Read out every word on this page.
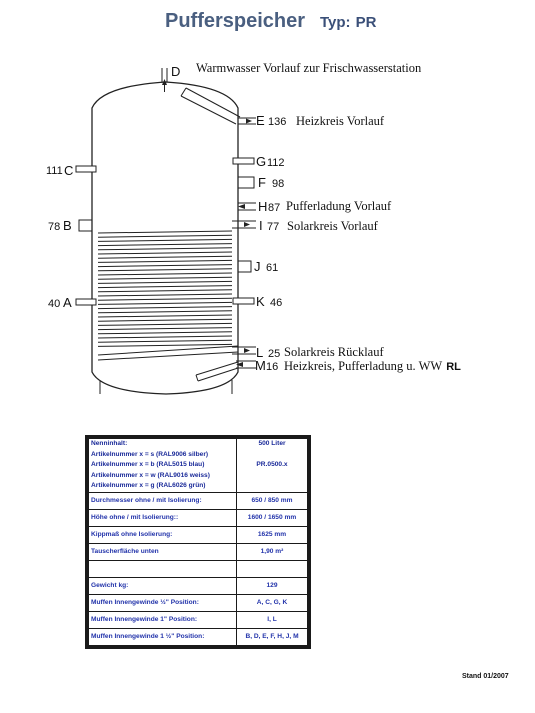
Pufferspeicher Typ: PR
D Warmwasser Vorlauf zur Frischwasserstation
E 136 Heizkreis Vorlauf
G 112
F 98
H 87 Pufferladung Vorlauf
I 77 Solarkreis Vorlauf
J 61
K 46
L 25 Solarkreis Rücklauf
M 16 Heizkreis, Pufferladung u. WW RL
111 C
78 B
40 A
Nenninhalt:
Artikelnummer x = s (RAL9006 silber)
Artikelnummer x = b (RAL5015 blau)
Artikelnummer x = w (RAL9016 weiss)
Artikelnummer x = g (RAL6026 grün)	500 Liter

PR.0500.x

Durchmesser ohne / mit Isolierung:	650 / 850 mm
Höhe ohne / mit Isolierung::	1600 / 1650 mm
Kippmaß ohne Isolierung:	1625 mm
Tauscherfläche unten	1,90 m²

Gewicht kg:	129
Muffen Innengewinde ½" Position:	A, C, G, K
Muffen Innengewinde 1" Position:	I, L
Muffen Innengewinde 1 ½" Position:	B, D, E, F, H, J, M
Stand 01/2007
